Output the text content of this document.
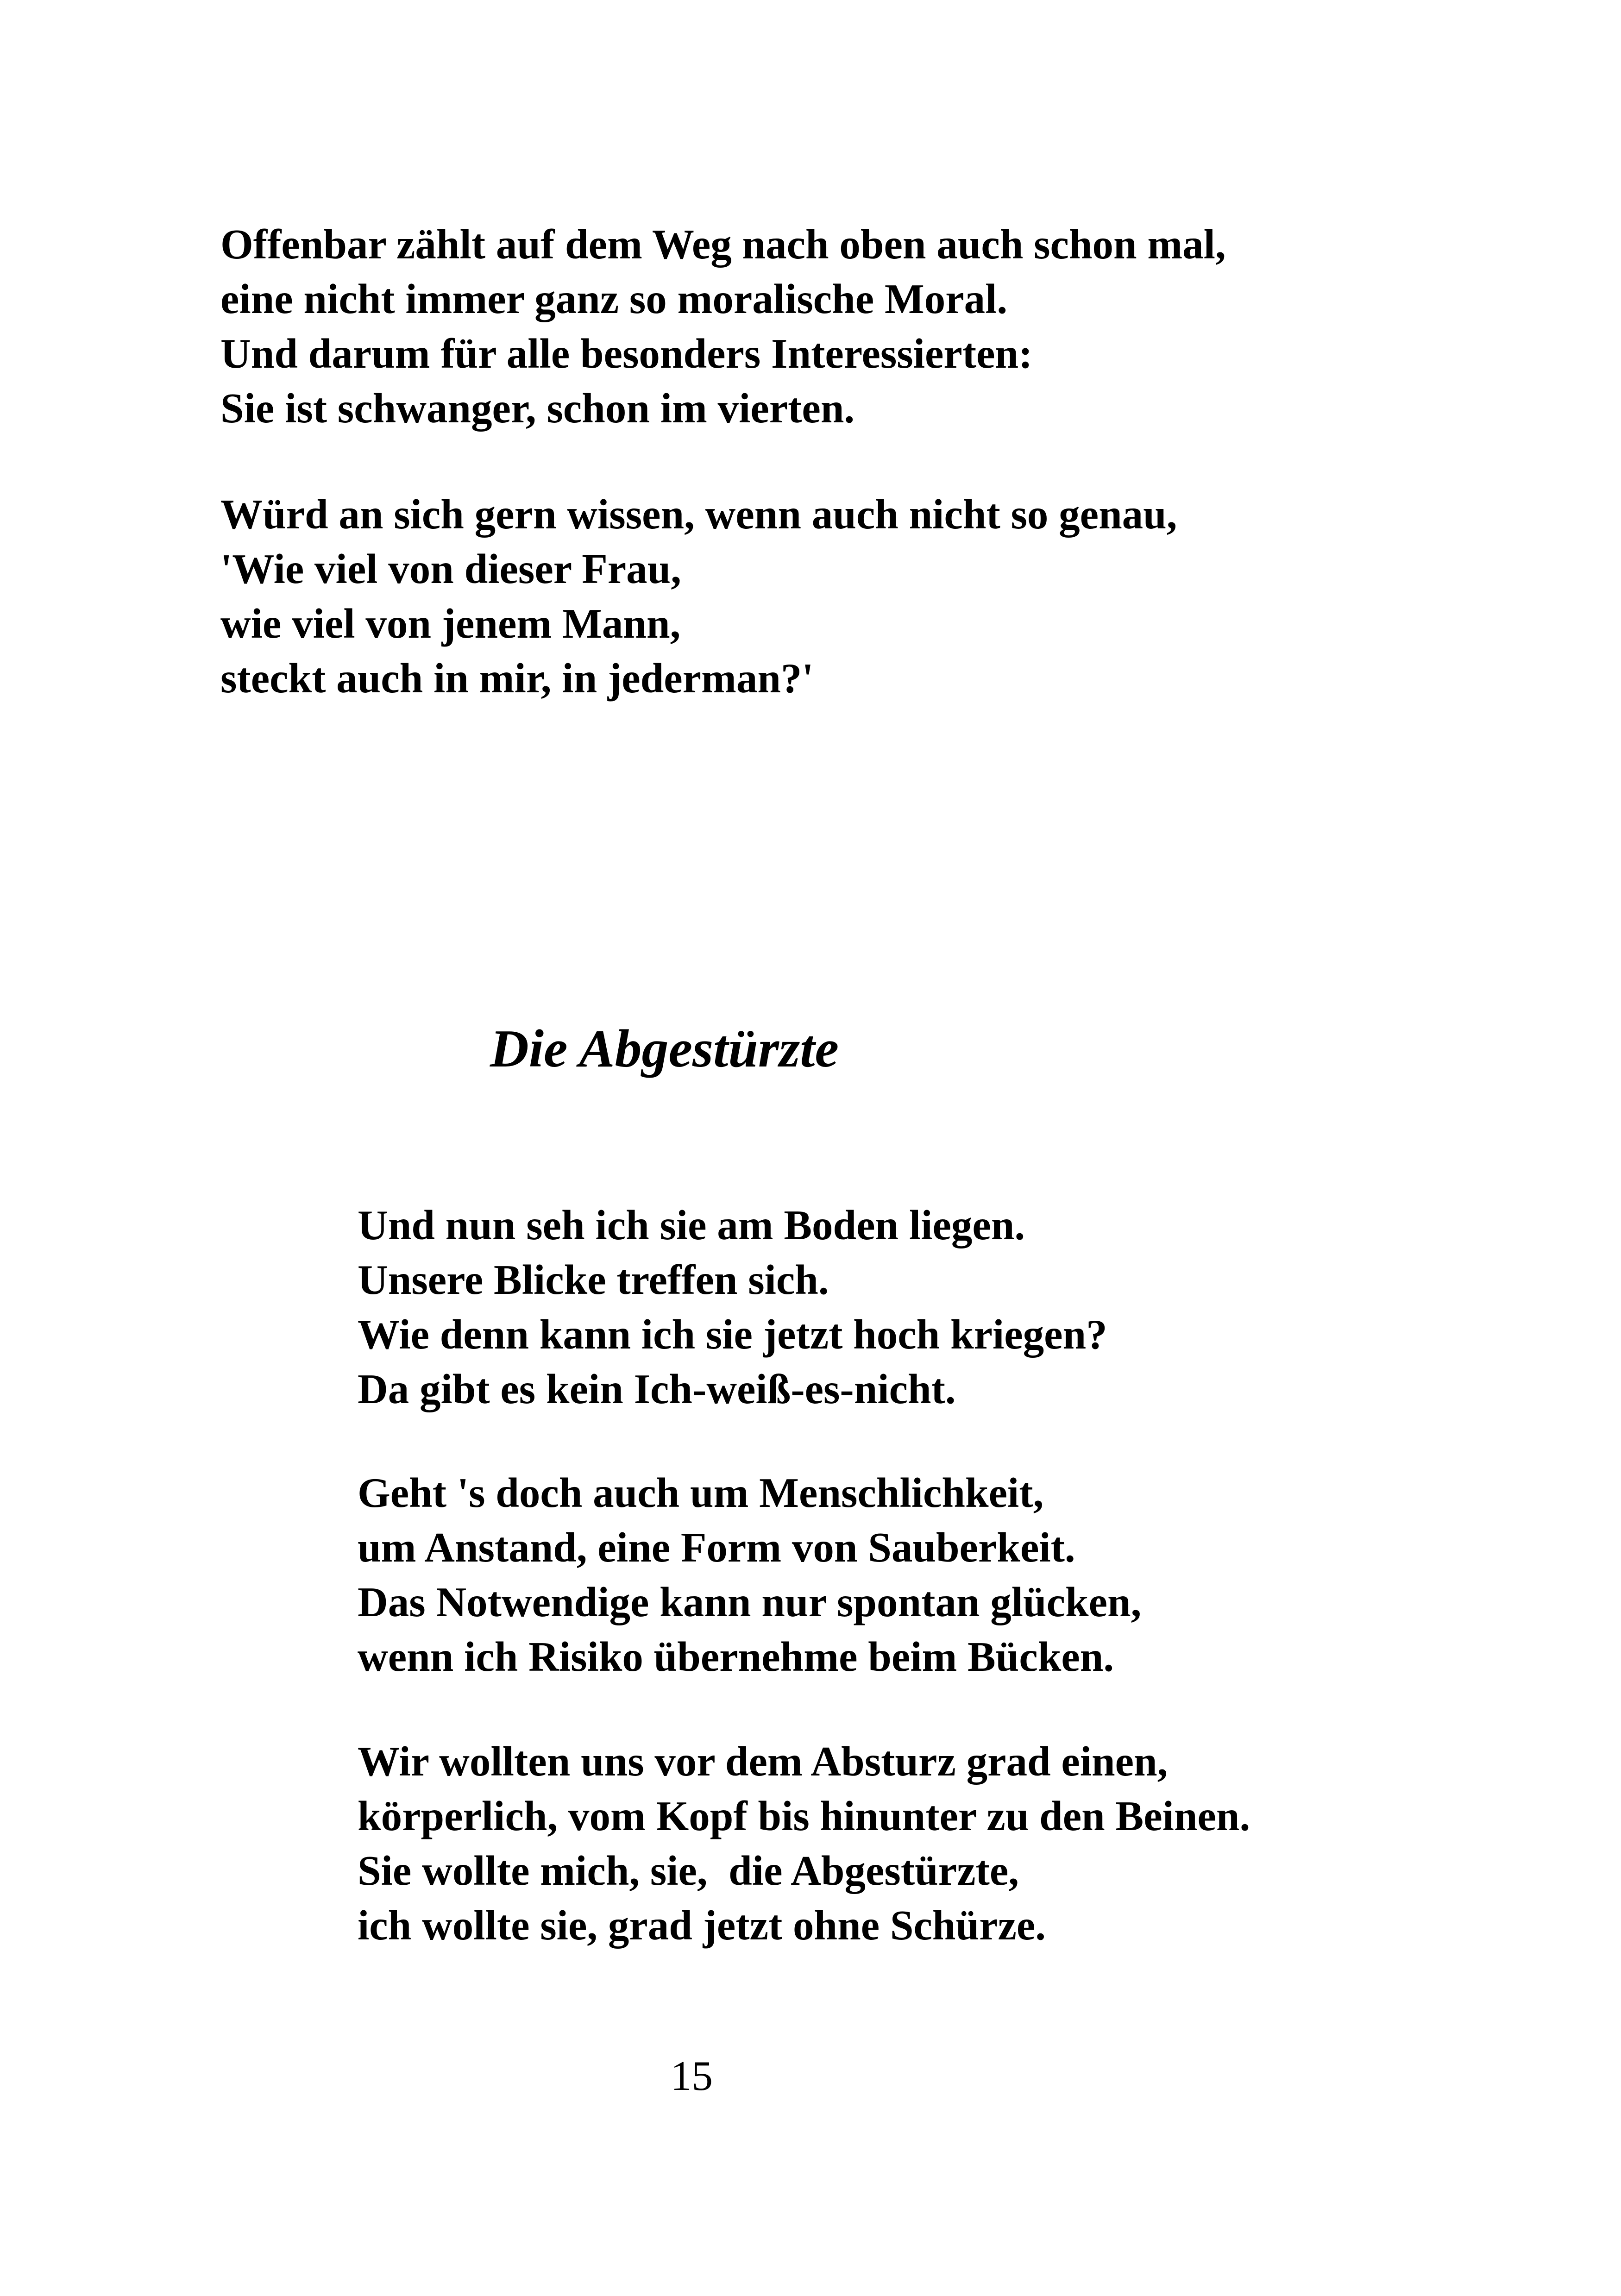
Offenbar zählt auf dem Weg nach oben auch schon mal,
eine nicht immer ganz so moralische Moral.
Und darum für alle besonders Interessierten:
Sie ist schwanger, schon im vierten.
Würd an sich gern wissen, wenn auch nicht so genau,
'Wie viel von dieser Frau,
wie viel von jenem Mann,
steckt auch in mir, in jederman?'
Die Abgestürzte
Und nun seh ich sie am Boden liegen.
Unsere Blicke treffen sich.
Wie denn kann ich sie jetzt hoch kriegen?
Da gibt es kein Ich-weiß-es-nicht.
Geht 's doch auch um Menschlichkeit,
um Anstand, eine Form von Sauberkeit.
Das Notwendige kann nur spontan glücken,
wenn ich Risiko übernehme beim Bücken.
Wir wollten uns vor dem Absturz grad einen,
körperlich, vom Kopf bis hinunter zu den Beinen.
Sie wollte mich, sie,  die Abgestürzte,
ich wollte sie, grad jetzt ohne Schürze.
15
